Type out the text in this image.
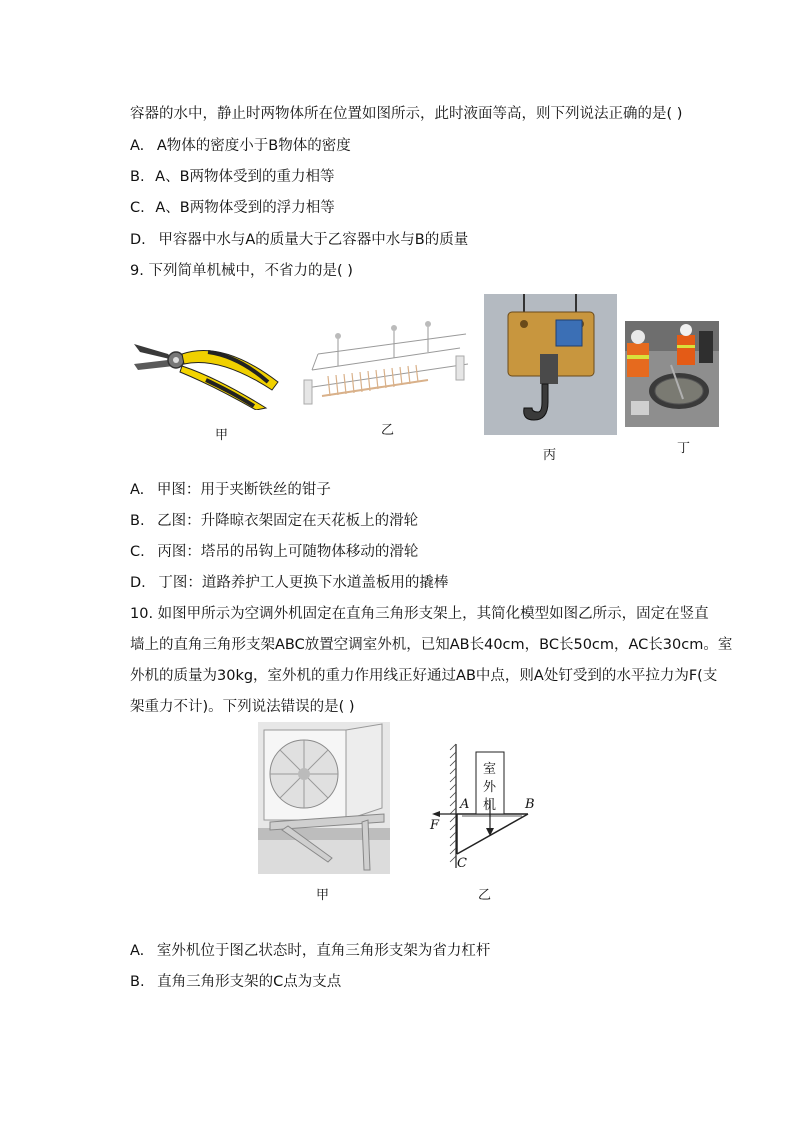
容器的水中，静止时两物体所在位置如图所示，此时液面等高，则下列说法正确的是( )
A. A物体的密度小于B物体的密度
B. A、B两物体受到的重力相等
C. A、B两物体受到的浮力相等
D. 甲容器中水与A的质量大于乙容器中水与B的质量
9. 下列简单机械中，不省力的是( )
甲	乙
丙	丁
A. 甲图：用于夹断铁丝的钳子
B. 乙图：升降晾衣架固定在天花板上的滑轮
C. 丙图：塔吊的吊钩上可随物体移动的滑轮
D. 丁图：道路养护工人更换下水道盖板用的撬棒
10. 如图甲所示为空调外机固定在直角三角形支架上，其简化模型如图乙所示，固定在竖直
墙上的直角三角形支架ABC放置空调室外机，已知AB长40cm，BC长50cm，AC长30cm。室
外机的质量为30kg，室外机的重力作用线正好通过AB中点，则A处钉受到的水平拉力为F(支
架重力不计)。下列说法错误的是( )
甲
室
外
机
A	B
C
F
乙
A. 室外机位于图乙状态时，直角三角形支架为省力杠杆
B. 直角三角形支架的C点为支点
